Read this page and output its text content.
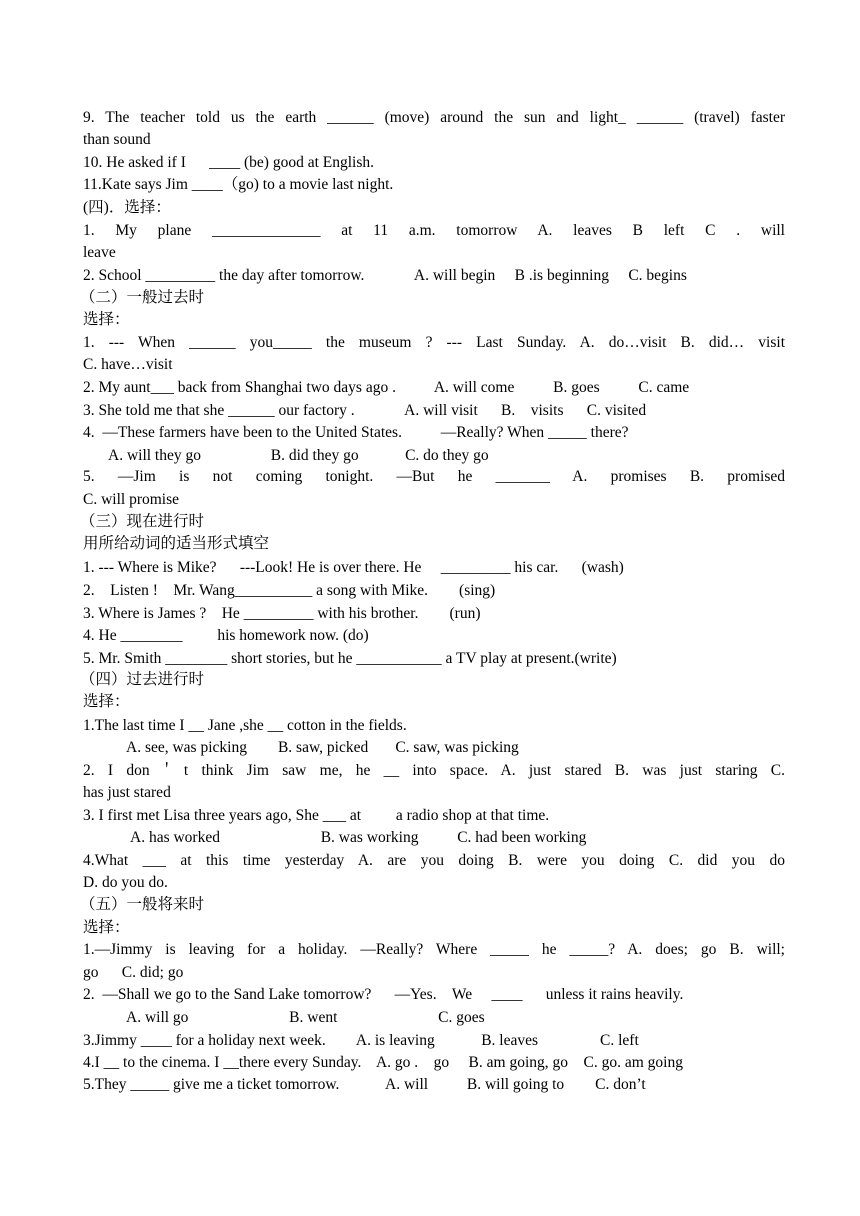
9. The teacher told us the earth ______ (move) around the sun and light_ ______ (travel) faster
than sound
10. He asked if I      ____ (be) good at English.
11.Kate says Jim ____（go) to a movie last night.
(四)．选择：
1. My plane ______________ at 11 a.m. tomorrow A. leaves B left C . will
leave
2. School _________ the day after tomorrow.             A. will begin     B .is beginning     C. begins
（二）一般过去时
选择：
1. --- When ______ you_____ the museum ? --- Last Sunday. A. do…visit B. did… visit
C. have…visit
2. My aunt___ back from Shanghai two days ago .          A. will come          B. goes          C. came
3. She told me that she ______ our factory .             A. will visit      B.    visits      C. visited
4.  —These farmers have been to the United States.          —Really? When _____ there?
A. will they go                  B. did they go            C. do they go
5. —Jim is not coming tonight. —But he _______ A. promises B. promised
C. will promise
（三）现在进行时
用所给动词的适当形式填空
1. --- Where is Mike?      ---Look! He is over there. He     _________ his car.      (wash)
2.    Listen !    Mr. Wang__________ a song with Mike.        (sing)
3. Where is James ?    He _________ with his brother.        (run)
4. He ________         his homework now. (do)
5. Mr. Smith ________ short stories, but he ___________ a TV play at present.(write)
（四）过去进行时
选择：
1.The last time I __ Jane ,she __ cotton in the fields.
A. see, was picking        B. saw, picked       C. saw, was picking
2. I don＇t think Jim saw me, he __ into space. A. just stared B. was just staring C.
has just stared
3. I first met Lisa three years ago, She ___ at         a radio shop at that time.
A. has worked                          B. was working          C. had been working
4.What ___ at this time yesterday A. are you doing B. were you doing C. did you do
D. do you do.
（五）一般将来时
选择：
1.—Jimmy is leaving for a holiday. —Really? Where _____ he _____? A. does; go B. will;
go      C. did; go
2.  —Shall we go to the Sand Lake tomorrow?      —Yes.    We     ____      unless it rains heavily.
A. will go                          B. went                          C. goes
3.Jimmy ____ for a holiday next week.        A. is leaving            B. leaves                C. left
4.I __ to the cinema. I __there every Sunday.    A. go .    go     B. am going, go    C. go. am going
5.They _____ give me a ticket tomorrow.            A. will          B. will going to        C. don’t
